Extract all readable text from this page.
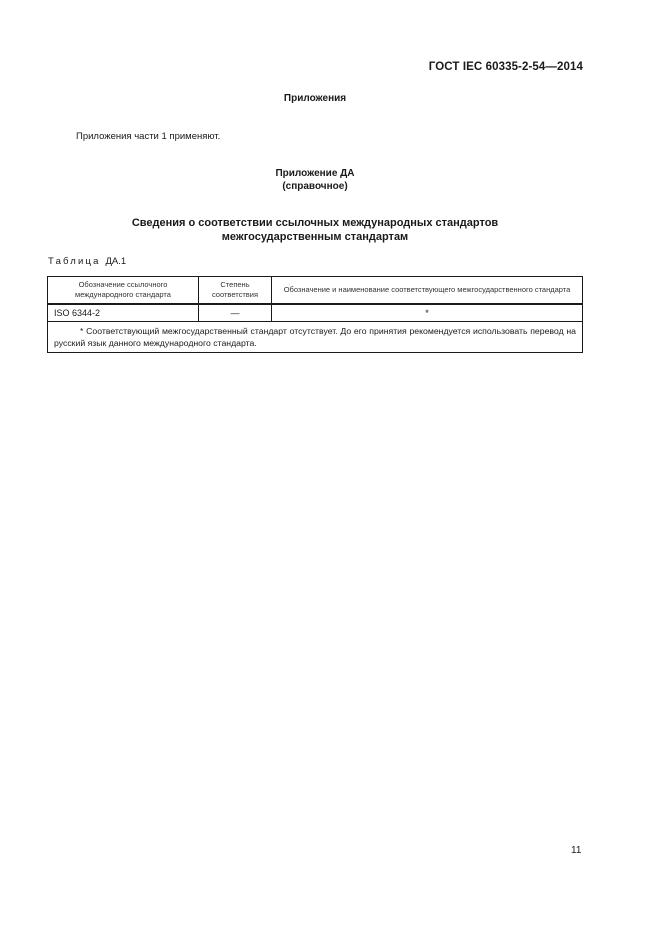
ГОСТ IEC 60335-2-54—2014
Приложения
Приложения части 1 применяют.
Приложение ДА
(справочное)
Сведения о соответствии ссылочных международных стандартов
межгосударственным стандартам
Таблица ДА.1
Обозначение ссылочного международного стандарта	Степень соответствия	Обозначение и наименование соответствующего межгосударственного стандарта
ISO 6344-2	—	*
* Соответствующий межгосударственный стандарт отсутствует. До его принятия рекомендуется использовать перевод на русский язык данного международного стандарта.		
11
